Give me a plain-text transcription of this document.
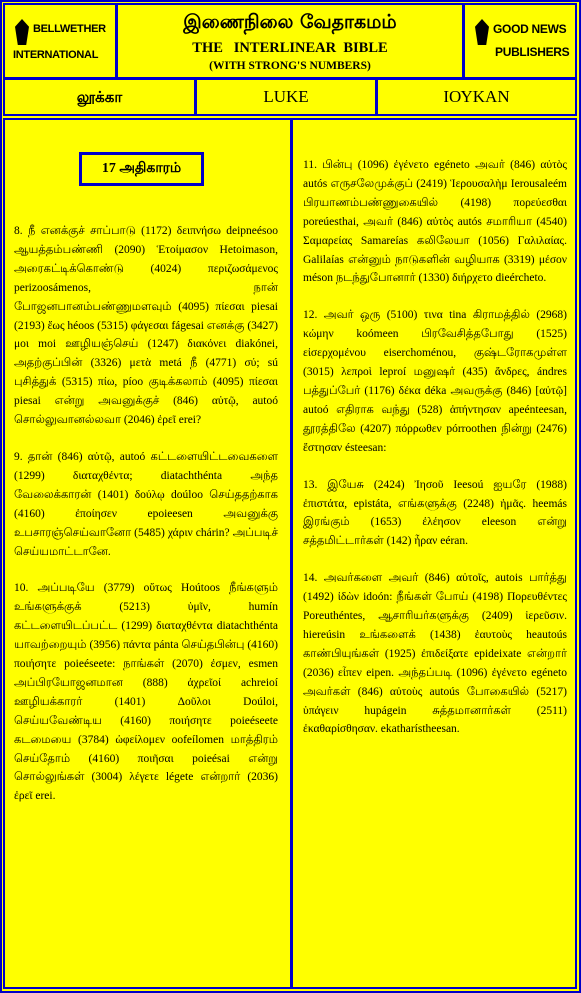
BELLWETHER
INTERNATIONAL
இணைநிலை வேதாகமம்
THE   INTERLINEAR  BIBLE
(WITH STRONG'S NUMBERS)
GOOD NEWS
PUBLISHERS
லூக்கா	LUKE	ΙΟΥΚΑΝ
17 அதிகாரம்

8. நீ எனக்குச் சாப்பாடு (1172) δειπνήσω deipneésoo ஆயத்தம்பண்ணி (2090) Ἑτοίμασον Hetoimason, அரைகட்டிக்கொண்டு (4024) περιζωσάμενος perizoosámenos, நான் போஜனபானம்பண்ணுமளவும் (4095) πίεσαι piesai (2193) ἕως héoos (5315) φάγεσαι fágesai எனக்கு (3427) μοι moi ஊழியஞ்செய் (1247) διακόνει diakónei, அதற்குப்பின் (3326) μετὰ metá நீ (4771) σύ; sú புசித்துக் (5315) πίω, píoo குடிக்கலாம் (4095) πίεσαι piesai என்று அவனுக்குச் (846) αὐτῷ, autoó சொல்லுவானல்லவா (2046) ἐρεῖ erei?

9. தான் (846) αὐτῷ, autoó கட்டளையிட்டவைகளை (1299) διαταχθέντα; diatachthénta அந்த வேலைக்காரன் (1401) δούλῳ doúloo செய்ததற்காக (4160) ἐποίησεν epoieesen அவனுக்கு உபசாரஞ்செய்வானோ (5485) χάριν chárin? அப்படிச் செய்யமாட்டானே.

10. அப்படியே (3779) οὕτως Hoútoos நீங்களும் உங்களுக்குக் (5213) ὑμῖν, humín கட்டளையிடப்பட்ட (1299) διαταχθέντα diatachthénta யாவற்றையும் (3956) πάντα pánta செய்தபின்பு (4160) ποιήσητε poieéseete: நாங்கள் (2070) ἐσμεν, esmen அப்பிரயோஜனமான (888) ἀχρεῖοί achreioí ஊழியக்காரர் (1401) Δοῦλοι Doúloi, செய்யவேண்டிய (4160) ποιήσητε poieéseete கடமையை (3784) ὠφείλομεν oofeílomen மாத்திரம் செய்தோம் (4160) ποιῆσαι poieésai என்று சொல்லுங்கள் (3004) λέγετε légete என்றார் (2036) ἐρεῖ erei.

11. பின்பு (1096) ἐγένετο egéneto அவர் (846) αὐτὸς autós எருசலேமுக்குப் (2419) Ἱερουσαλὴμ Ierousaleém பிரயாணம்பண்ணுகையில் (4198) πορεύεσθαι poreúesthai, அவர் (846) αὐτὸς autós சமாரியா (4540) Σαμαρείας Samareías கலிலேயா (1056) Γαλιλαίας. Galilaías என்னும் நாடுகளின் வழியாக (3319) μέσον méson நடந்துபோனார் (1330) διήρχετο dieércheto.

12. அவர் ஒரு (5100) τινα tina கிராமத்தில் (2968) κώμην koómeen பிரவேசித்தபோது (1525) εἰσερχομένου eiserchoménou, குஷ்டரோகமுள்ள (3015) λεπροὶ leproí மனுஷர் (435) ἄνδρες, ándres பத்துப்பேர் (1176) δέκα déka அவருக்கு (846) [αὐτῷ] autoó எதிராக வந்து (528) ἀπήντησαν apeénteesan, தூரத்திலே (4207) πόρρωθεν pórroothen நின்று (2476) ἔστησαν ésteesan:

13. இயேசு (2424) Ἰησοῦ Ieesoú ஐயரே (1988) ἐπιστάτα, epistáta, எங்களுக்கு (2248) ἡμᾶς. heemás இரங்கும் (1653) ἐλέησον eleeson என்று சத்தமிட்டார்கள் (142) ἦραν eéran.

14. அவர்களை அவர் (846) αὐτοῖς, autois பார்த்து (1492) ἰδὼν idoón: நீங்கள் போய் (4198) Πορευθέντες Poreuthéntes, ஆசாரியர்களுக்கு (2409) ἱερεῦσιν. hiereúsin உங்களைக் (1438) ἑαυτοὺς heautoús காண்பியுங்கள் (1925) ἐπιδείξατε epideixate என்றார் (2036) εἶπεν eipen. அந்தப்படி (1096) ἐγένετο egéneto அவர்கள் (846) αὐτοὺς autoús போகையில் (5217) ὑπάγειν hupágein சுத்தமானார்கள் (2511) ἐκαθαρίσθησαν. ekatharístheesan.
